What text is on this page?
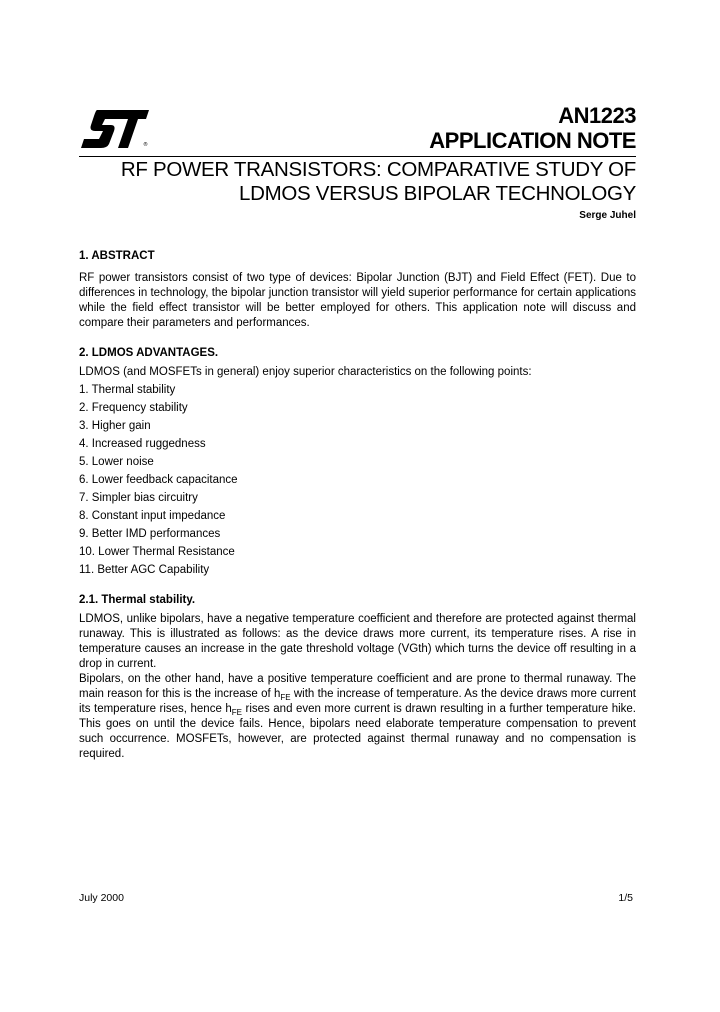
®
AN1223
APPLICATION NOTE
RF POWER TRANSISTORS: COMPARATIVE STUDY OF
LDMOS VERSUS BIPOLAR TECHNOLOGY
Serge Juhel
1. ABSTRACT
RF power transistors consist of two type of devices: Bipolar Junction (BJT) and Field Effect (FET). Due to differences in technology, the bipolar junction transistor will yield superior performance for certain applications while the field effect transistor will be better employed for others. This application note will discuss and compare their parameters and performances.
2. LDMOS ADVANTAGES.
LDMOS (and MOSFETs in general) enjoy superior characteristics on the following points:
1. Thermal stability
2. Frequency stability
3. Higher gain
4. Increased ruggedness
5. Lower noise
6. Lower feedback capacitance
7. Simpler bias circuitry
8. Constant input impedance
9. Better IMD performances
10. Lower Thermal Resistance
11. Better AGC Capability
2.1. Thermal stability.
LDMOS, unlike bipolars, have a negative temperature coefficient and therefore are protected against thermal runaway. This is illustrated as follows: as the device draws more current, its temperature rises. A rise in temperature causes an increase in the gate threshold voltage (VGth) which turns the device off resulting in a drop in current.
Bipolars, on the other hand, have a positive temperature coefficient and are prone to thermal runaway. The main reason for this is the increase of $h_{FE}$ with the increase of temperature. As the device draws more current its temperature rises, hence $h_{FE}$ rises and even more current is drawn resulting in a further temperature hike. This goes on until the device fails. Hence, bipolars need elaborate temperature compensation to prevent such occurrence. MOSFETs, however, are protected against thermal runaway and no compensation is required.
July 2000	1/5
